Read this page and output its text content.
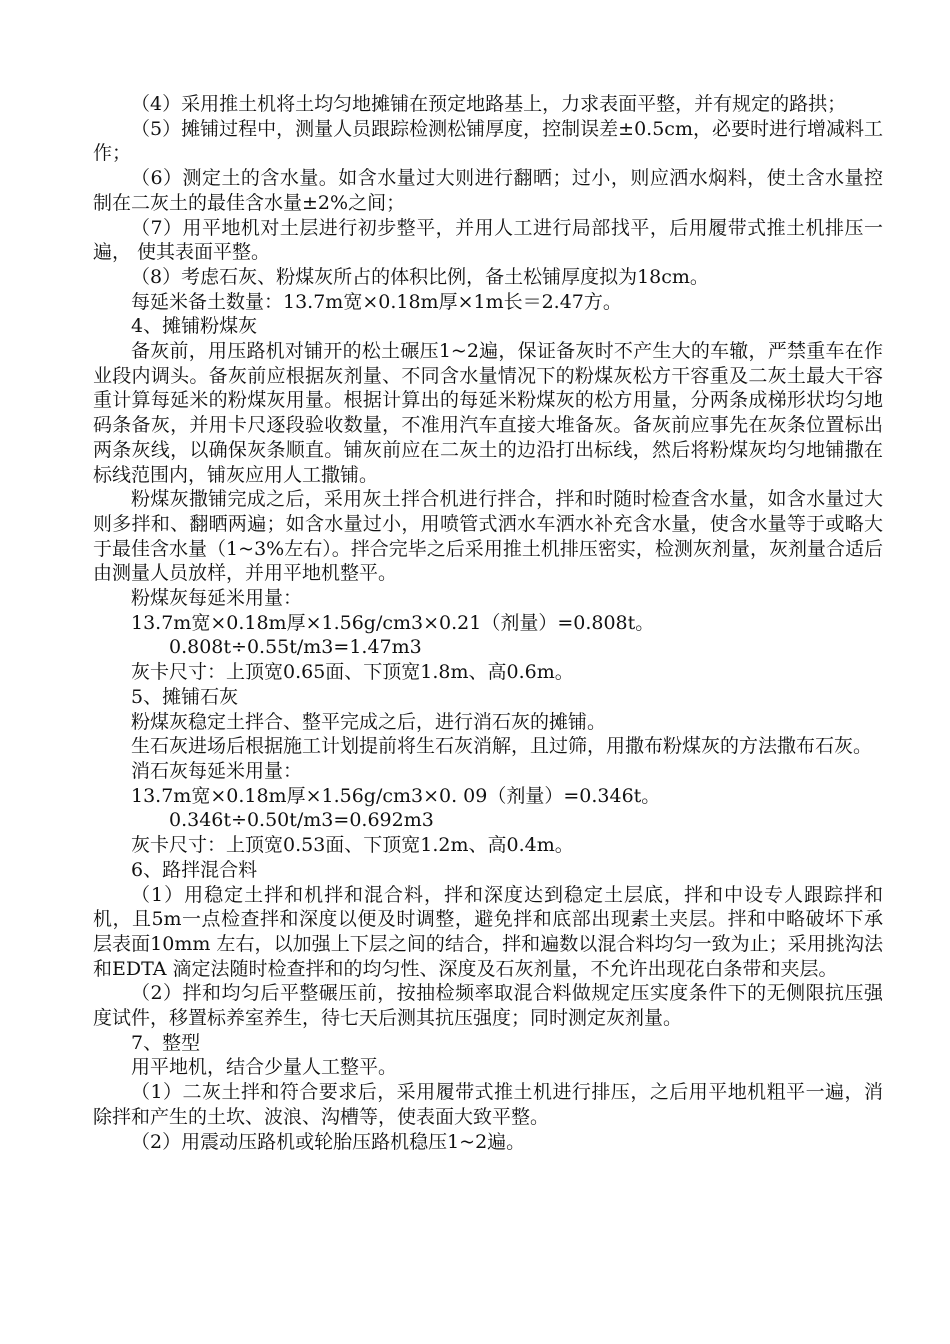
（4）采用推土机将土均匀地摊铺在预定地路基上，力求表面平整，并有规定的路拱；

（5）摊铺过程中，测量人员跟踪检测松铺厚度，控制误差±0.5cm，必要时进行增减料工作；

（6）测定土的含水量。如含水量过大则进行翻晒；过小，则应洒水焖料，使土含水量控制在二灰土的最佳含水量±2%之间；

（7）用平地机对土层进行初步整平，并用人工进行局部找平，后用履带式推土机排压一遍， 使其表面平整。

（8）考虑石灰、粉煤灰所占的体积比例，备土松铺厚度拟为18cm。

每延米备土数量：13.7m宽×0.18m厚×1m长＝2.47方。

4、摊铺粉煤灰

备灰前，用压路机对铺开的松土碾压1~2遍，保证备灰时不产生大的车辙，严禁重车在作业段内调头。备灰前应根据灰剂量、不同含水量情况下的粉煤灰松方干容重及二灰土最大干容重计算每延米的粉煤灰用量。根据计算出的每延米粉煤灰的松方用量，分两条成梯形状均匀地码条备灰，并用卡尺逐段验收数量，不准用汽车直接大堆备灰。备灰前应事先在灰条位置标出两条灰线，以确保灰条顺直。铺灰前应在二灰土的边沿打出标线，然后将粉煤灰均匀地铺撒在标线范围内，铺灰应用人工撒铺。

粉煤灰撒铺完成之后，采用灰土拌合机进行拌合，拌和时随时检查含水量，如含水量过大则多拌和、翻晒两遍；如含水量过小，用喷管式洒水车洒水补充含水量，使含水量等于或略大于最佳含水量（1~3%左右）。拌合完毕之后采用推土机排压密实，检测灰剂量，灰剂量合适后由测量人员放样，并用平地机整平。

粉煤灰每延米用量：

13.7m宽×0.18m厚×1.56g/cm3×0.21（剂量）=0.808t。

0.808t÷0.55t/m3=1.47m3

灰卡尺寸：上顶宽0.65面、下顶宽1.8m、高0.6m。

5、摊铺石灰

粉煤灰稳定土拌合、整平完成之后，进行消石灰的摊铺。

生石灰进场后根据施工计划提前将生石灰消解，且过筛，用撒布粉煤灰的方法撒布石灰。

消石灰每延米用量：

13.7m宽×0.18m厚×1.56g/cm3×0. 09（剂量）=0.346t。

0.346t÷0.50t/m3=0.692m3

灰卡尺寸：上顶宽0.53面、下顶宽1.2m、高0.4m。

6、路拌混合料

（1）用稳定土拌和机拌和混合料，拌和深度达到稳定土层底，拌和中设专人跟踪拌和机，且5m一点检查拌和深度以便及时调整，避免拌和底部出现素土夹层。拌和中略破坏下承层表面10mm 左右，以加强上下层之间的结合，拌和遍数以混合料均匀一致为止；采用挑沟法和EDTA 滴定法随时检查拌和的均匀性、深度及石灰剂量，不允许出现花白条带和夹层。

（2）拌和均匀后平整碾压前，按抽检频率取混合料做规定压实度条件下的无侧限抗压强度试件，移置标养室养生，待七天后测其抗压强度；同时测定灰剂量。

7、整型

用平地机，结合少量人工整平。

（1）二灰土拌和符合要求后，采用履带式推土机进行排压，之后用平地机粗平一遍，消除拌和产生的土坎、波浪、沟槽等，使表面大致平整。

（2）用震动压路机或轮胎压路机稳压1~2遍。
